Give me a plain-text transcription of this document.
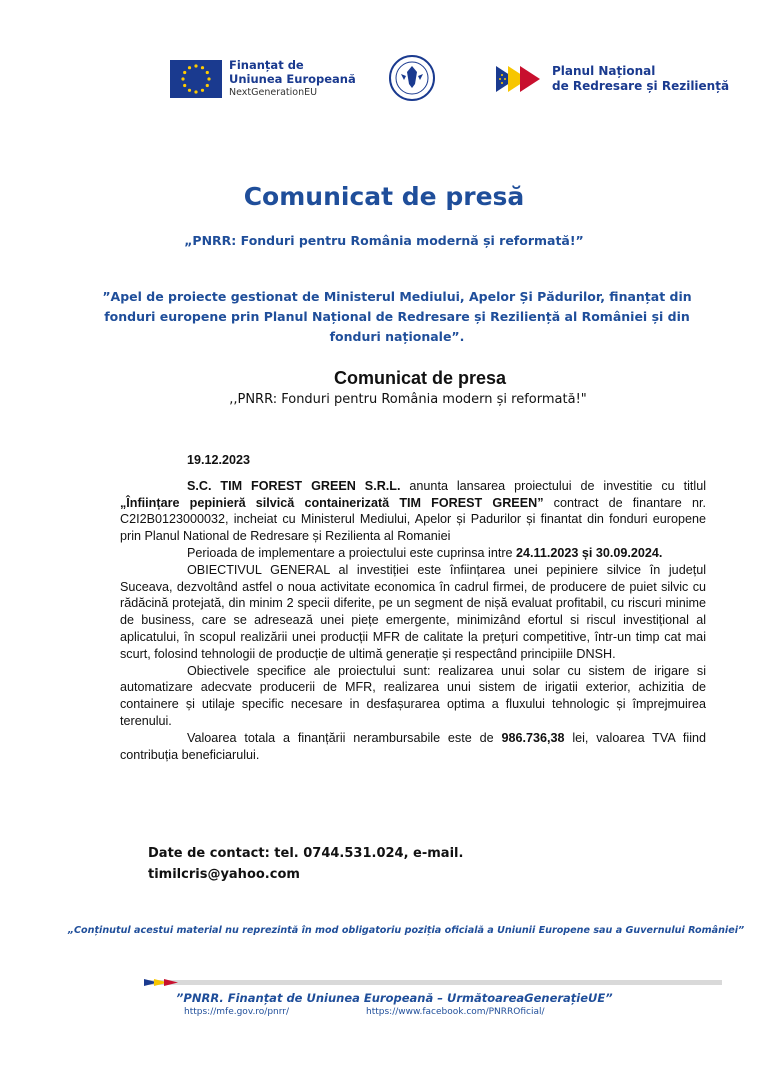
Finanțat de
Uniunea Europeană
NextGenerationEU
Planul Național
de Redresare și Reziliență
Comunicat de presă
„PNRR: Fonduri pentru România modernă și reformată!”
”Apel de proiecte gestionat de Ministerul Mediului, Apelor Și Pădurilor, finanțat din fonduri europene prin Planul Național de Redresare și Reziliență al României și din fonduri naționale”.
Comunicat de presa
,,PNRR: Fonduri pentru România modern și reformată!"

19.12.2023

S.C. TIM FOREST GREEN S.R.L. anunta lansarea proiectului de investitie cu titlul „Înființare pepinieră silvică containerizată TIM FOREST GREEN” contract de finantare nr. C2I2B0123000032, incheiat cu Ministerul Mediului, Apelor și Padurilor și finantat din fonduri europene prin Planul National de Redresare și Rezilienta al Romaniei

Perioada de implementare a proiectului este cuprinsa intre 24.11.2023 și 30.09.2024.

OBIECTIVUL GENERAL al investiției este înființarea unei pepiniere silvice în județul Suceava, dezvoltând astfel o noua activitate economica în cadrul firmei, de producere de puiet silvic cu rădăcină protejată, din minim 2 specii diferite, pe un segment de nișă evaluat profitabil, cu riscuri minime de business, care se adresează unei piețe emergente, minimizând efortul si riscul investițional al aplicatului, în scopul realizării unei producții MFR de calitate la prețuri competitive, într-un timp cat mai scurt, folosind tehnologii de producție de ultimă generație și respectând principiile DNSH.

Obiectivele specifice ale proiectului sunt: realizarea unui solar cu sistem de irigare si automatizare adecvate producerii de MFR, realizarea unui sistem de irigatii exterior, achizitia de containere și utilaje specific necesare in desfașurarea optima a fluxului tehnologic și împrejmuirea terenului.

Valoarea totala a finanțării nerambursabile este de 986.736,38 lei, valoarea TVA fiind contribuția beneficiarului.

Date de contact: tel. 0744.531.024, e-mail.
timilcris@yahoo.com
„Conținutul acestui material nu reprezintă în mod obligatoriu poziția oficială a Uniunii Europene sau a Guvernului României”
”PNRR. Finanțat de Uniunea Europeană – UrmătoareaGenerațieUE”
https://mfe.gov.ro/pnrr/	https://www.facebook.com/PNRROficial/
